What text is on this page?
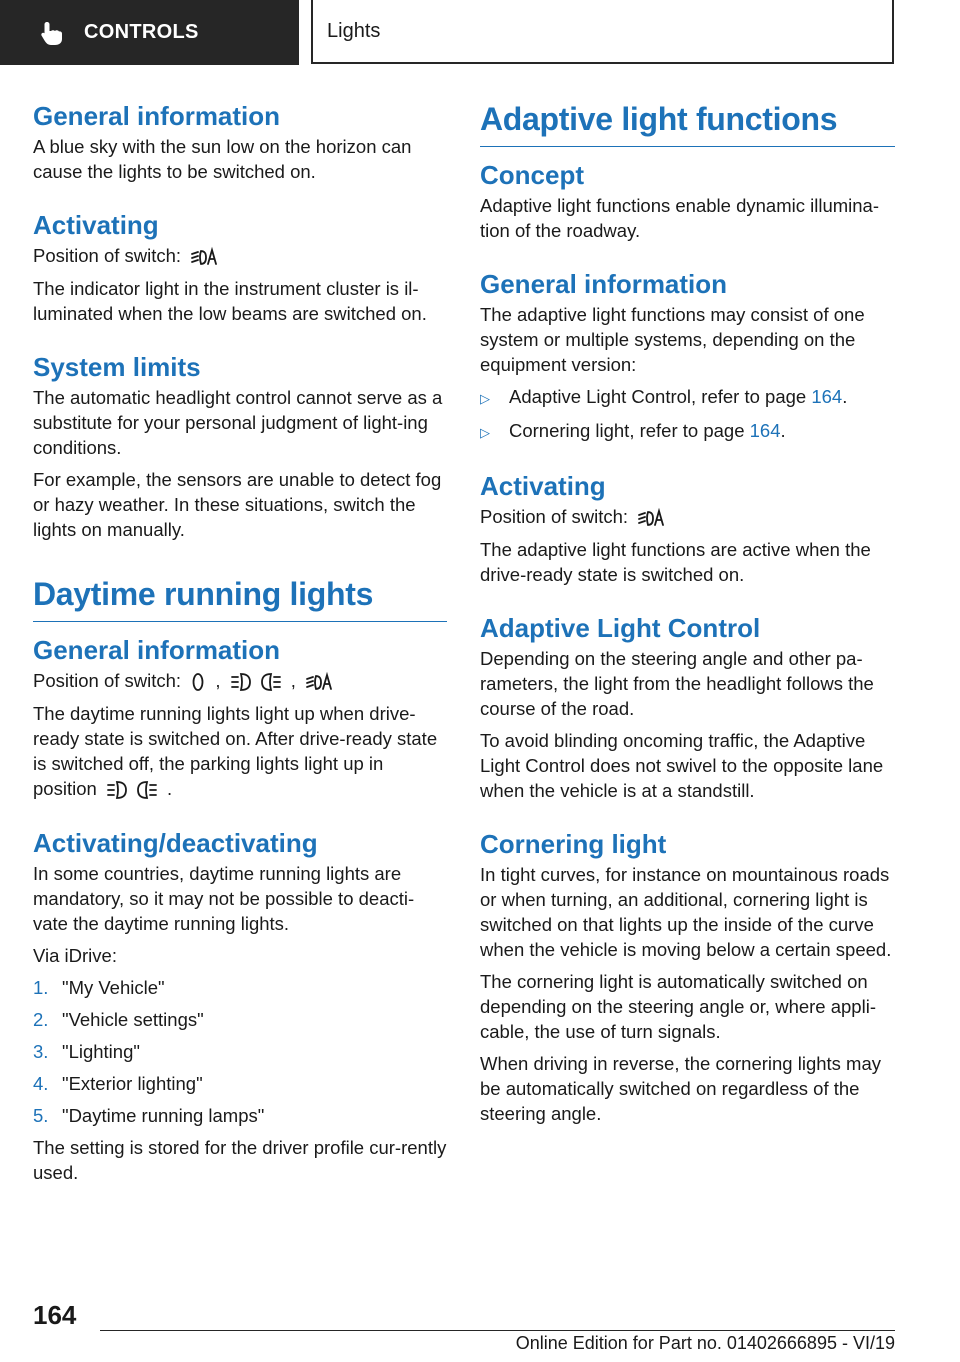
CONTROLS	Lights
General information
A blue sky with the sun low on the horizon can cause the lights to be switched on.
Activating
Position of switch:
The indicator light in the instrument cluster is il-luminated when the low beams are switched on.
System limits
The automatic headlight control cannot serve as a substitute for your personal judgment of light-ing conditions.
For example, the sensors are unable to detect fog or hazy weather. In these situations, switch the lights on manually.
Daytime running lights
General information
Position of switch: ,	,
The daytime running lights light up when drive-ready state is switched on. After drive-ready state is switched off, the parking lights light up in position	.
Activating/deactivating
In some countries, daytime running lights are mandatory, so it may not be possible to deacti-vate the daytime running lights.
Via iDrive:
1. "My Vehicle"
2. "Vehicle settings"
3. "Lighting"
4. "Exterior lighting"
5. "Daytime running lamps"
The setting is stored for the driver profile cur-rently used.
Adaptive light functions
Concept
Adaptive light functions enable dynamic illumina-tion of the roadway.
General information
The adaptive light functions may consist of one system or multiple systems, depending on the equipment version:
▷	Adaptive Light Control, refer to page 164.
▷	Cornering light, refer to page 164.
Activating
Position of switch:
The adaptive light functions are active when the drive-ready state is switched on.
Adaptive Light Control
Depending on the steering angle and other pa-rameters, the light from the headlight follows the course of the road.
To avoid blinding oncoming traffic, the Adaptive Light Control does not swivel to the opposite lane when the vehicle is at a standstill.
Cornering light
In tight curves, for instance on mountainous roads or when turning, an additional, cornering light is switched on that lights up the inside of the curve when the vehicle is moving below a certain speed.
The cornering light is automatically switched on depending on the steering angle or, where appli-cable, the use of turn signals.
When driving in reverse, the cornering lights may be automatically switched on regardless of the steering angle.
164
Online Edition for Part no. 01402666895 - VI/19
